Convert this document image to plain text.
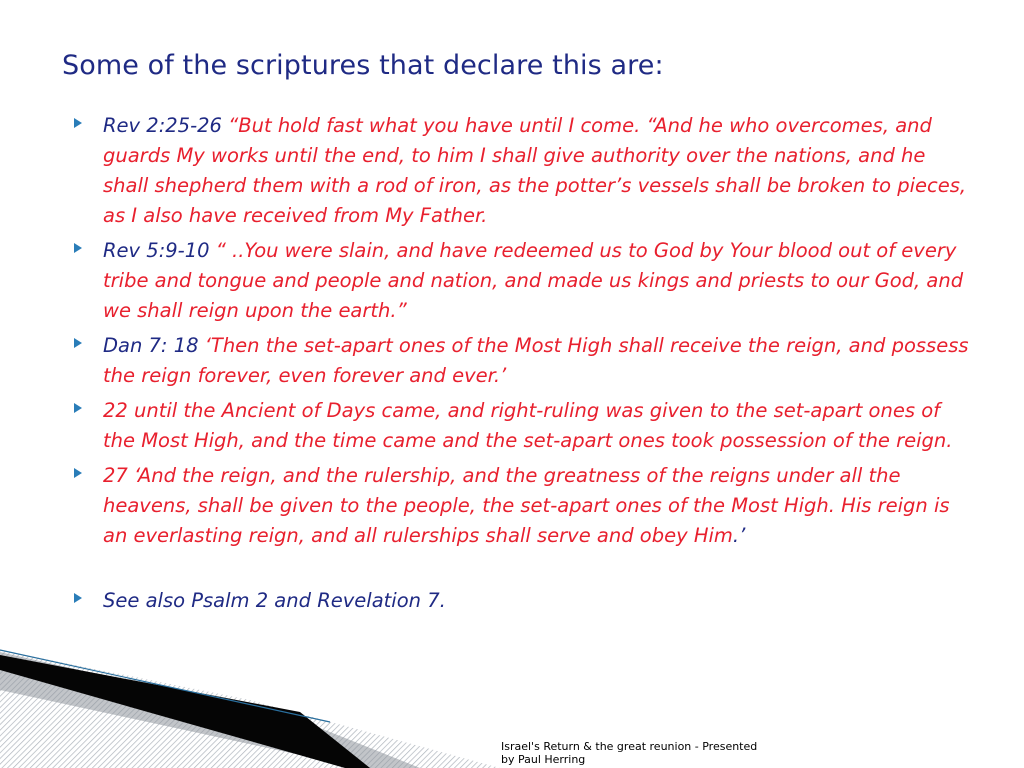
Some of the scriptures that declare this are:
Rev 2:25-26 “But hold fast what you have until I come. “And he who overcomes, and guards My works until the end, to him I shall give authority over the nations, and he shall shepherd them with a rod of iron, as the potter’s vessels shall be broken to pieces, as I also have received from My Father.
Rev 5:9-10 “ ..You were slain, and have redeemed us to God by Your blood out of every tribe and tongue and people and nation, and made us kings and priests to our God, and we shall reign upon the earth.”
Dan 7: 18 ‘Then the set-apart ones of the Most High shall receive the reign, and possess the reign forever, even forever and ever.’
22 until the Ancient of Days came, and right-ruling was given to the set-apart ones of the Most High, and the time came and the set-apart ones took possession of the reign.
27 ‘And the reign, and the rulership, and the greatness of the reigns under all the heavens, shall be given to the people, the set-apart ones of the Most High. His reign is an everlasting reign, and all rulerships shall serve and obey Him.’
See also Psalm 2 and Revelation 7.
Israel's Return & the great reunion - Presented by Paul Herring
